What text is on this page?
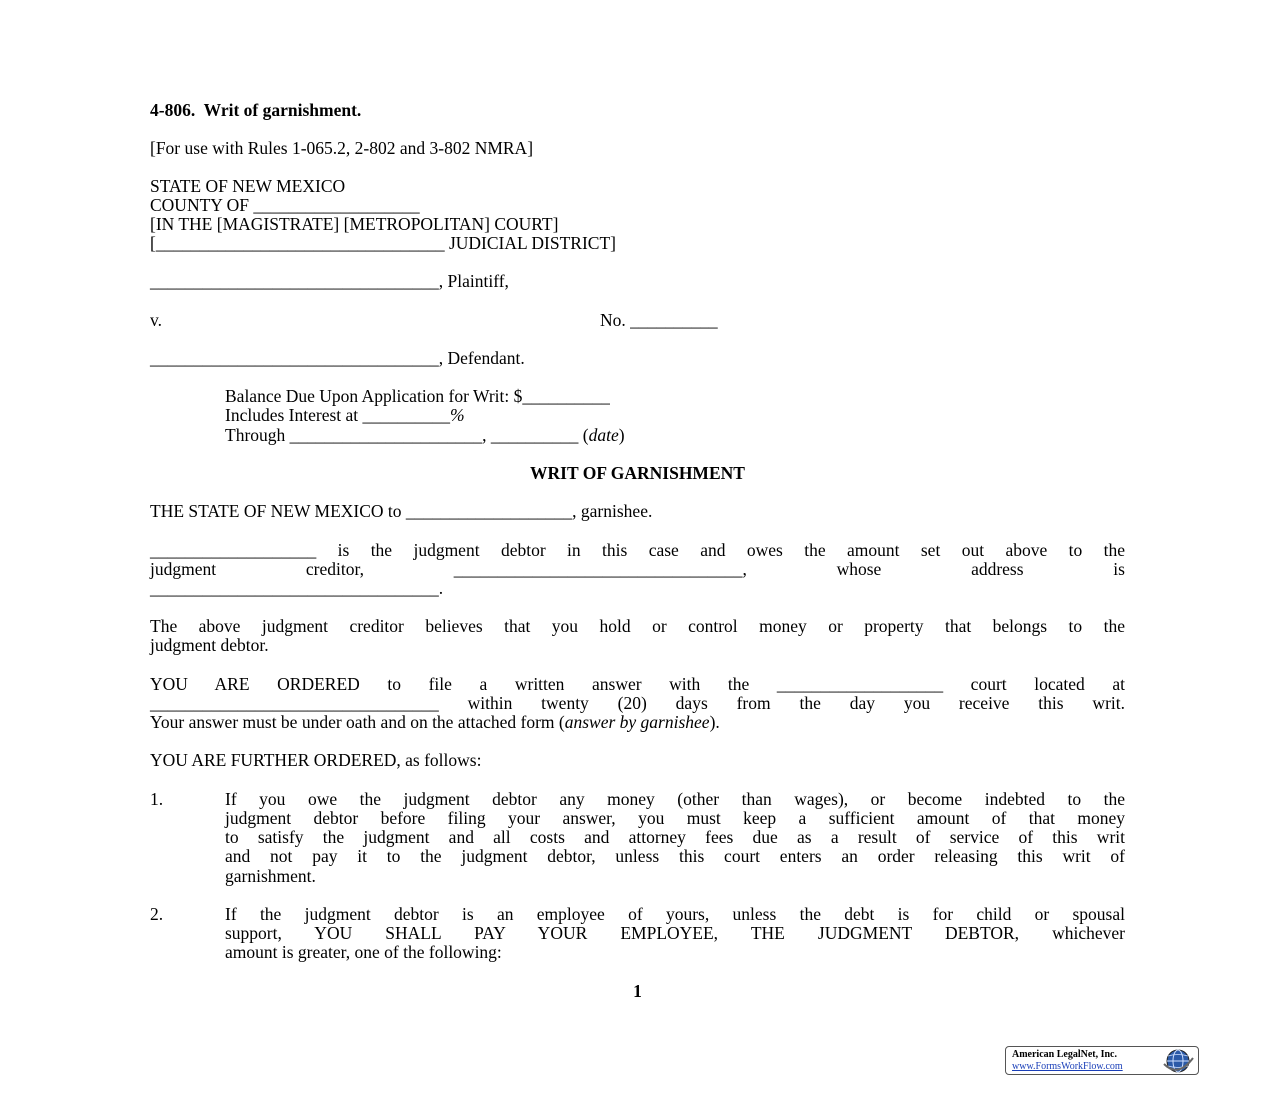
4-806. Writ of garnishment.
[For use with Rules 1-065.2, 2-802 and 3-802 NMRA]
STATE OF NEW MEXICO
COUNTY OF ___________________
[IN THE [MAGISTRATE] [METROPOLITAN] COURT]
[_________________________________ JUDICIAL DISTRICT]
_________________________________, Plaintiff,
v.	No. __________
_________________________________, Defendant.
Balance Due Upon Application for Writ: $__________
Includes Interest at __________%
Through ______________________, __________ (date)
WRIT OF GARNISHMENT
THE STATE OF NEW MEXICO to ___________________, garnishee.
___________________ is the judgment debtor in this case and owes the amount set out above to the
judgment creditor, _________________________________, whose address is
_________________________________.
The above judgment creditor believes that you hold or control money or property that belongs to the
judgment debtor.
YOU ARE ORDERED to file a written answer with the ___________________ court located at
_________________________________ within twenty (20) days from the day you receive this writ.
Your answer must be under oath and on the attached form (answer by garnishee).
YOU ARE FURTHER ORDERED, as follows:
1.	If you owe the judgment debtor any money (other than wages), or become indebted to the
judgment debtor before filing your answer, you must keep a sufficient amount of that money
to satisfy the judgment and all costs and attorney fees due as a result of service of this writ
and not pay it to the judgment debtor, unless this court enters an order releasing this writ of
garnishment.
2.	If the judgment debtor is an employee of yours, unless the debt is for child or spousal
support, YOU SHALL PAY YOUR EMPLOYEE, THE JUDGMENT DEBTOR, whichever
amount is greater, one of the following:
1
American LegalNet, Inc.
www.FormsWorkFlow.com
